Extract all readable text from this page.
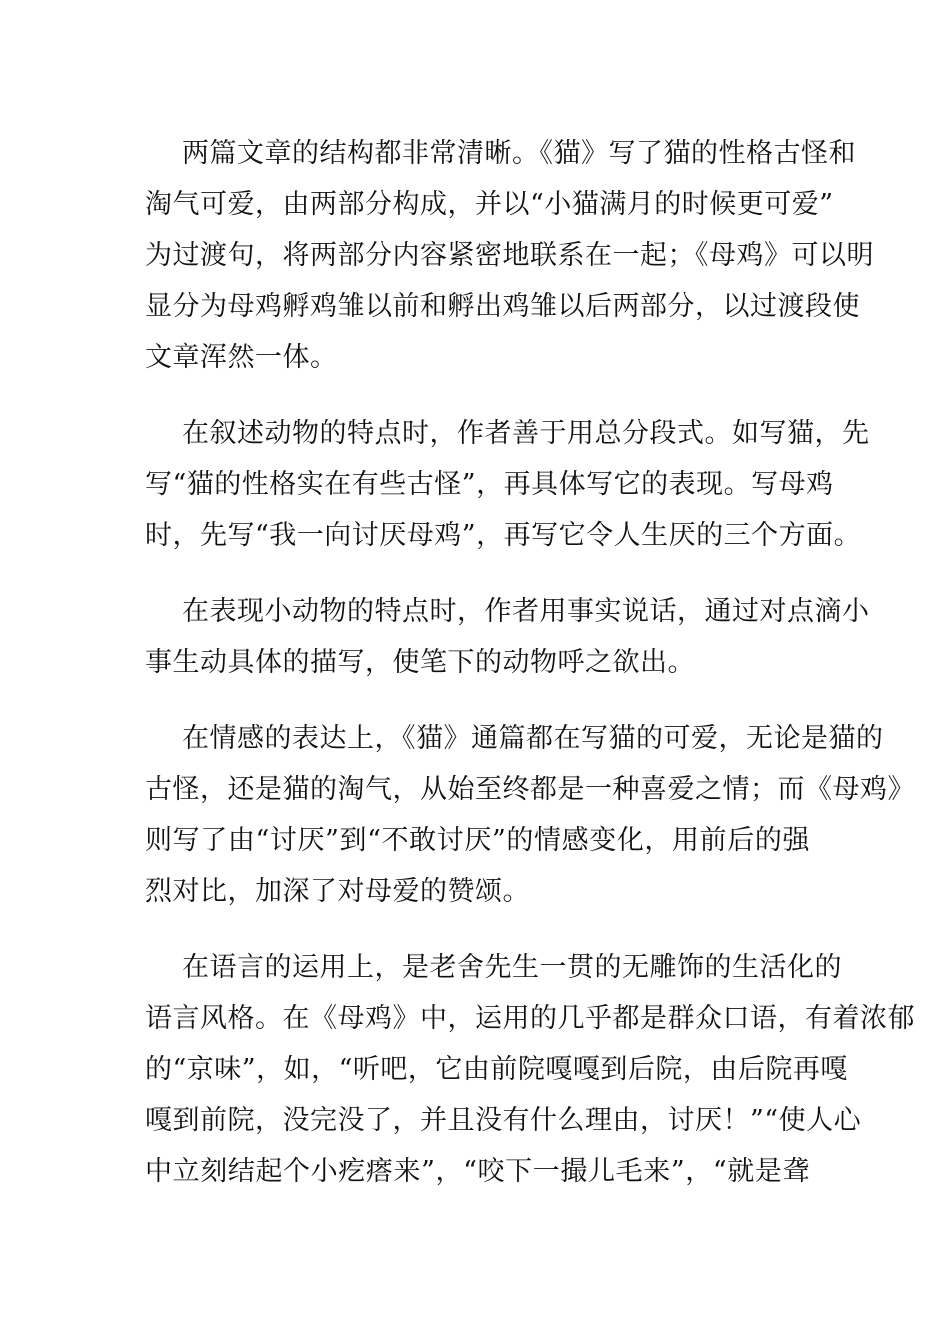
两篇文章的结构都非常清晰。《猫》写了猫的性格古怪和
淘气可爱，由两部分构成，并以“小猫满月的时候更可爱”
为过渡句，将两部分内容紧密地联系在一起；《母鸡》可以明
显分为母鸡孵鸡雏以前和孵出鸡雏以后两部分，以过渡段使
文章浑然一体。
在叙述动物的特点时，作者善于用总分段式。如写猫，先
写“猫的性格实在有些古怪”，再具体写它的表现。写母鸡
时，先写“我一向讨厌母鸡”，再写它令人生厌的三个方面。
在表现小动物的特点时，作者用事实说话，通过对点滴小
事生动具体的描写，使笔下的动物呼之欲出。
在情感的表达上，《猫》通篇都在写猫的可爱，无论是猫的
古怪，还是猫的淘气，从始至终都是一种喜爱之情；而《母鸡》
则写了由“讨厌”到“不敢讨厌”的情感变化，用前后的强
烈对比，加深了对母爱的赞颂。
在语言的运用上，是老舍先生一贯的无雕饰的生活化的
语言风格。在《母鸡》中，运用的几乎都是群众口语，有着浓郁
的“京味”，如，“听吧，它由前院嘎嘎到后院，由后院再嘎
嘎到前院，没完没了，并且没有什么理由，讨厌！”“使人心
中立刻结起个小疙瘩来”，“咬下一撮儿毛来”，“就是聋
